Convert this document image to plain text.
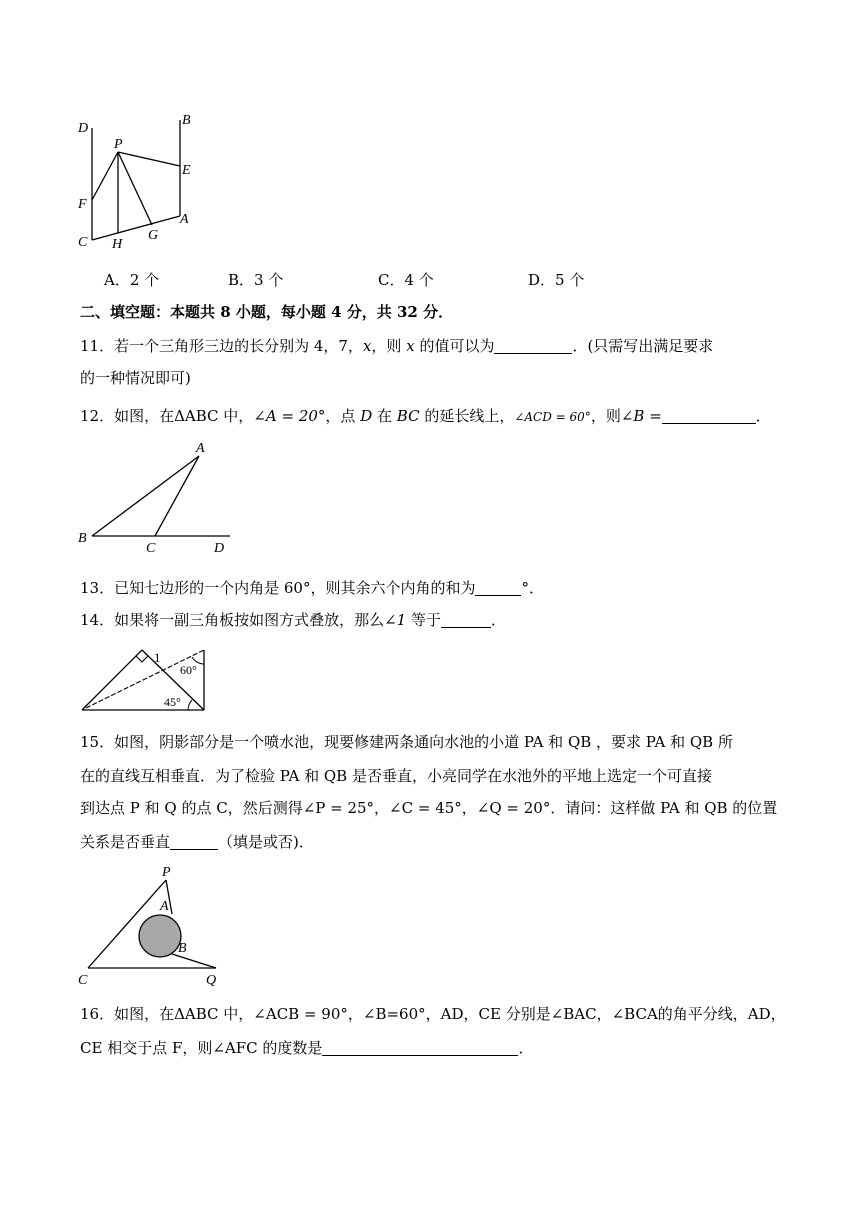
D
B
P
E
F
A
C H
G
A．2 个	B．3 个	C．4 个	D．5 个
二、填空题：本题共 8 小题，每小题 4 分，共 32 分．
11．若一个三角形三边的长分别为 4，7，x，则 x 的值可以为	．(只需写出满足要求
的一种情况即可)
12．如图，在ΔABC 中，∠A = 20°，点 D 在 BC 的延长线上，∠ACD = 60°，则∠B =	．
A
B
C	D
13．已知七边形的一个内角是 60°，则其余六个内角的和为	°．
14．如果将一副三角板按如图方式叠放，那么∠1 等于	．
1
60°
45°
15．如图，阴影部分是一个喷水池，现要修建两条通向水池的小道 PA 和 QB ，要求 PA 和 QB 所
在的直线互相垂直．为了检验 PA 和 QB 是否垂直，小亮同学在水池外的平地上选定一个可直接
到达点 P 和 Q 的点 C，然后测得∠P = 25°，∠C = 45°，∠Q = 20°．请问：这样做 PA 和 QB 的位置
关系是否垂直	（填是或否)．
P
A
B
C	Q
16．如图，在ΔABC 中，∠ACB = 90°，∠B=60°，AD，CE 分别是∠BAC，∠BCA的角平分线，AD，
CE 相交于点 F，则∠AFC 的度数是	．
